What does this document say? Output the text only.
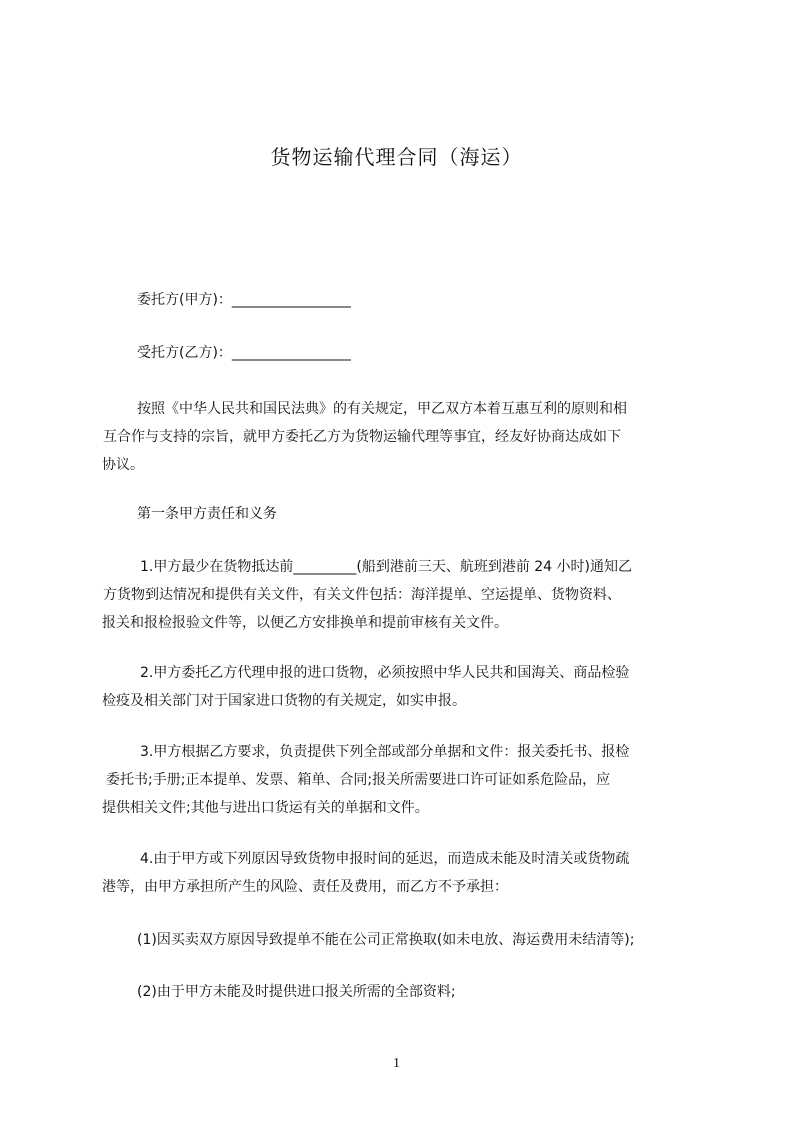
货物运输代理合同（海运）
委托方(甲方)：_________________
受托方(乙方)：_________________
按照《中华人民共和国民法典》的有关规定，甲乙双方本着互惠互利的原则和相
互合作与支持的宗旨，就甲方委托乙方为货物运输代理等事宜，经友好协商达成如下
协议。
第一条甲方责任和义务
1.甲方最少在货物抵达前_________(船到港前三天、航班到港前 24 小时)通知乙
方货物到达情况和提供有关文件，有关文件包括：海洋提单、空运提单、货物资料、
报关和报检报验文件等，以便乙方安排换单和提前审核有关文件。
2.甲方委托乙方代理申报的进口货物，必须按照中华人民共和国海关、商品检验
检疫及相关部门对于国家进口货物的有关规定，如实申报。
3.甲方根据乙方要求，负责提供下列全部或部分单据和文件：报关委托书、报检
委托书;手册;正本提单、发票、箱单、合同;报关所需要进口许可证如系危险品，应
提供相关文件;其他与进出口货运有关的单据和文件。
4.由于甲方或下列原因导致货物申报时间的延迟，而造成未能及时清关或货物疏
港等，由甲方承担所产生的风险、责任及费用，而乙方不予承担：
(1)因买卖双方原因导致提单不能在公司正常换取(如未电放、海运费用未结清等);
(2)由于甲方未能及时提供进口报关所需的全部资料;
1
